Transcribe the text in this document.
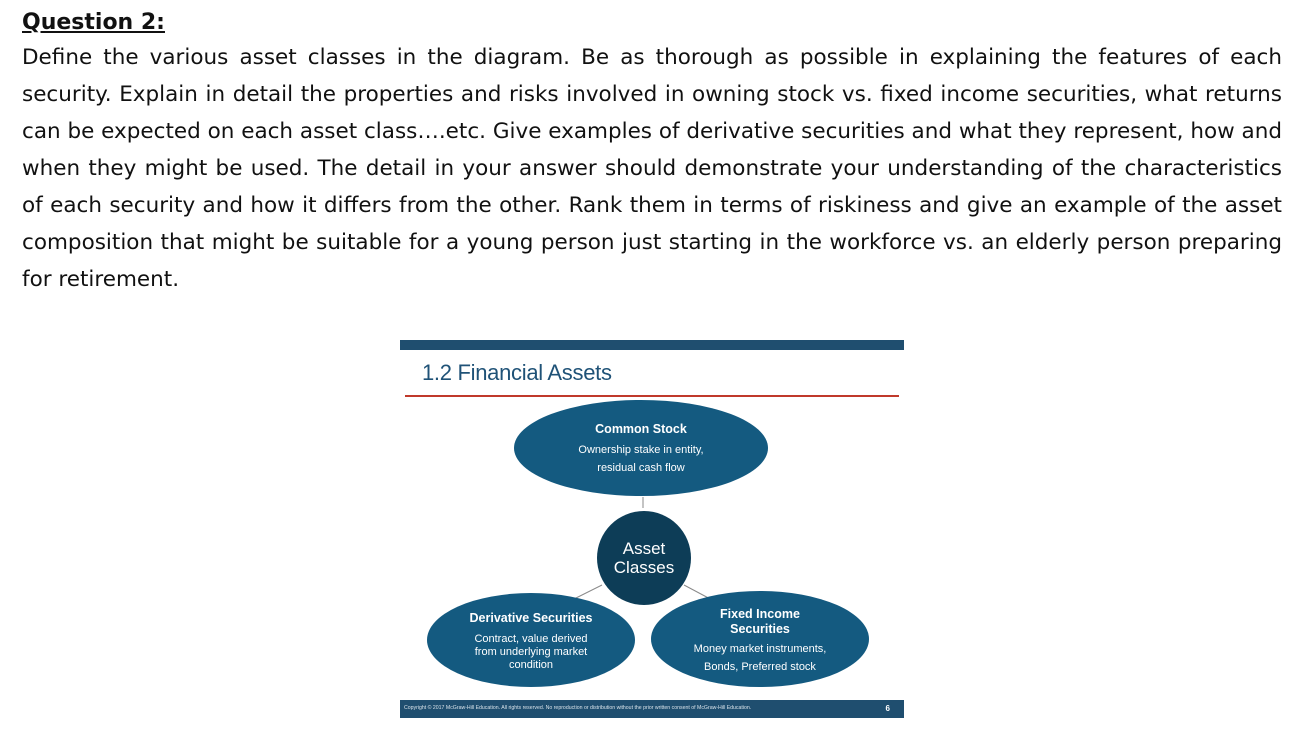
Question 2:

Define the various asset classes in the diagram. Be as thorough as possible in explaining the features of each security. Explain in detail the properties and risks involved in owning stock vs. fixed income securities, what returns can be expected on each asset class….etc. Give examples of derivative securities and what they represent, how and when they might be used. The detail in your answer should demonstrate your understanding of the characteristics of each security and how it differs from the other. Rank them in terms of riskiness and give an example of the asset composition that might be suitable for a young person just starting in the workforce vs. an elderly person preparing for retirement.

1.2 Financial Assets
Common Stock
Ownership stake in entity,
residual cash flow
Derivative Securities
Contract, value derived
from underlying market
condition
Fixed Income
Securities
Money market instruments,
Bonds, Preferred stock
Asset
Classes
Copyright © 2017 McGraw-Hill Education. All rights reserved. No reproduction or distribution without the prior written consent of McGraw-Hill Education.	6
